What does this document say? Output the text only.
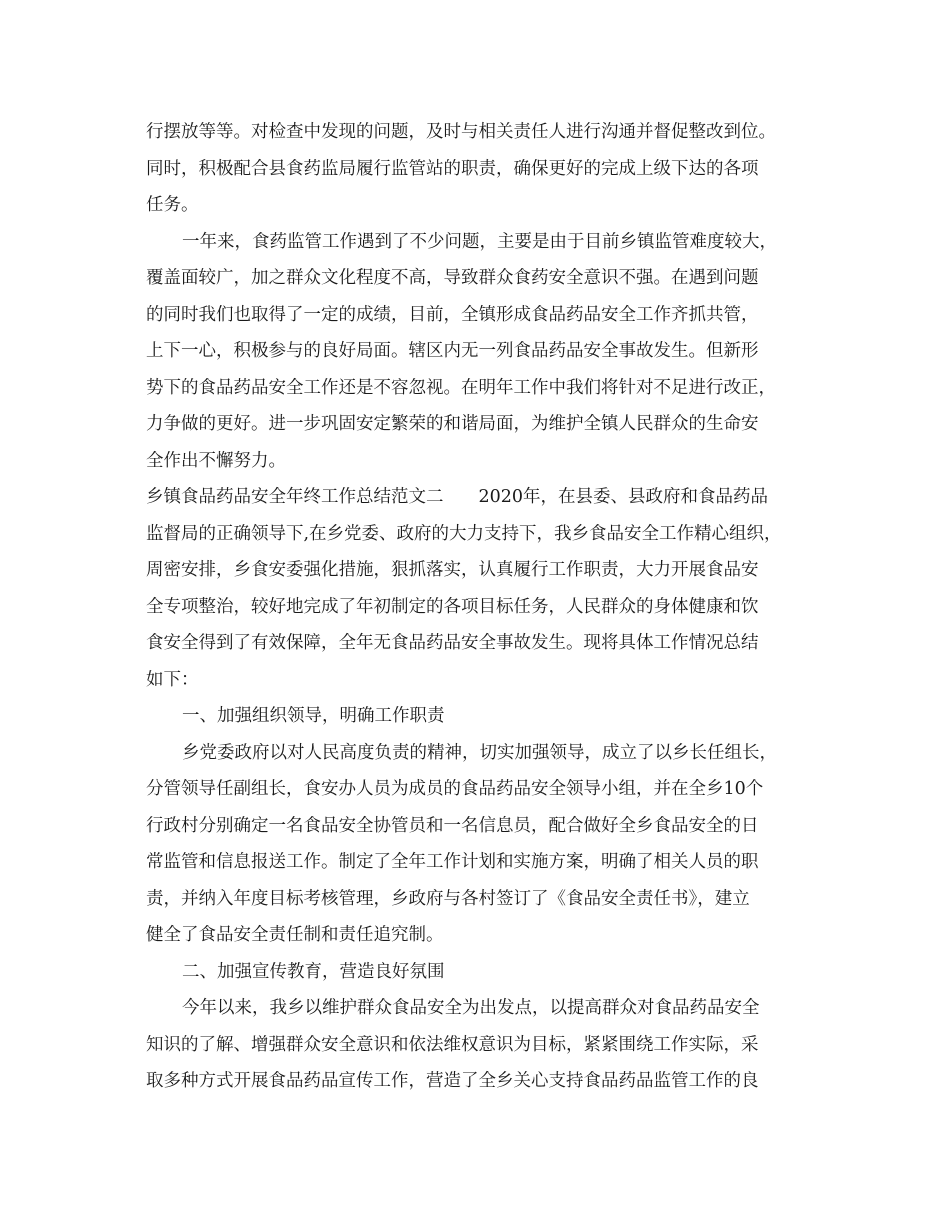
行摆放等等。对检查中发现的问题，及时与相关责任人进行沟通并督促整改到位。
同时，积极配合县食药监局履行监管站的职责，确保更好的完成上级下达的各项
任务。
一年来，食药监管工作遇到了不少问题，主要是由于目前乡镇监管难度较大，
覆盖面较广，加之群众文化程度不高，导致群众食药安全意识不强。在遇到问题
的同时我们也取得了一定的成绩，目前，全镇形成食品药品安全工作齐抓共管，
上下一心，积极参与的良好局面。辖区内无一列食品药品安全事故发生。但新形
势下的食品药品安全工作还是不容忽视。在明年工作中我们将针对不足进行改正，
力争做的更好。进一步巩固安定繁荣的和谐局面，为维护全镇人民群众的生命安
全作出不懈努力。
乡镇食品药品安全年终工作总结范文二　　2020年，在县委、县政府和食品药品
监督局的正确领导下,在乡党委、政府的大力支持下，我乡食品安全工作精心组织，
周密安排，乡食安委强化措施，狠抓落实，认真履行工作职责，大力开展食品安
全专项整治，较好地完成了年初制定的各项目标任务，人民群众的身体健康和饮
食安全得到了有效保障，全年无食品药品安全事故发生。现将具体工作情况总结
如下：
一、加强组织领导，明确工作职责
乡党委政府以对人民高度负责的精神，切实加强领导，成立了以乡长任组长，
分管领导任副组长，食安办人员为成员的食品药品安全领导小组，并在全乡10个
行政村分别确定一名食品安全协管员和一名信息员，配合做好全乡食品安全的日
常监管和信息报送工作。制定了全年工作计划和实施方案，明确了相关人员的职
责，并纳入年度目标考核管理，乡政府与各村签订了《食品安全责任书》，建立
健全了食品安全责任制和责任追究制。
二、加强宣传教育，营造良好氛围
今年以来，我乡以维护群众食品安全为出发点，以提高群众对食品药品安全
知识的了解、增强群众安全意识和依法维权意识为目标，紧紧围绕工作实际，采
取多种方式开展食品药品宣传工作，营造了全乡关心支持食品药品监管工作的良
